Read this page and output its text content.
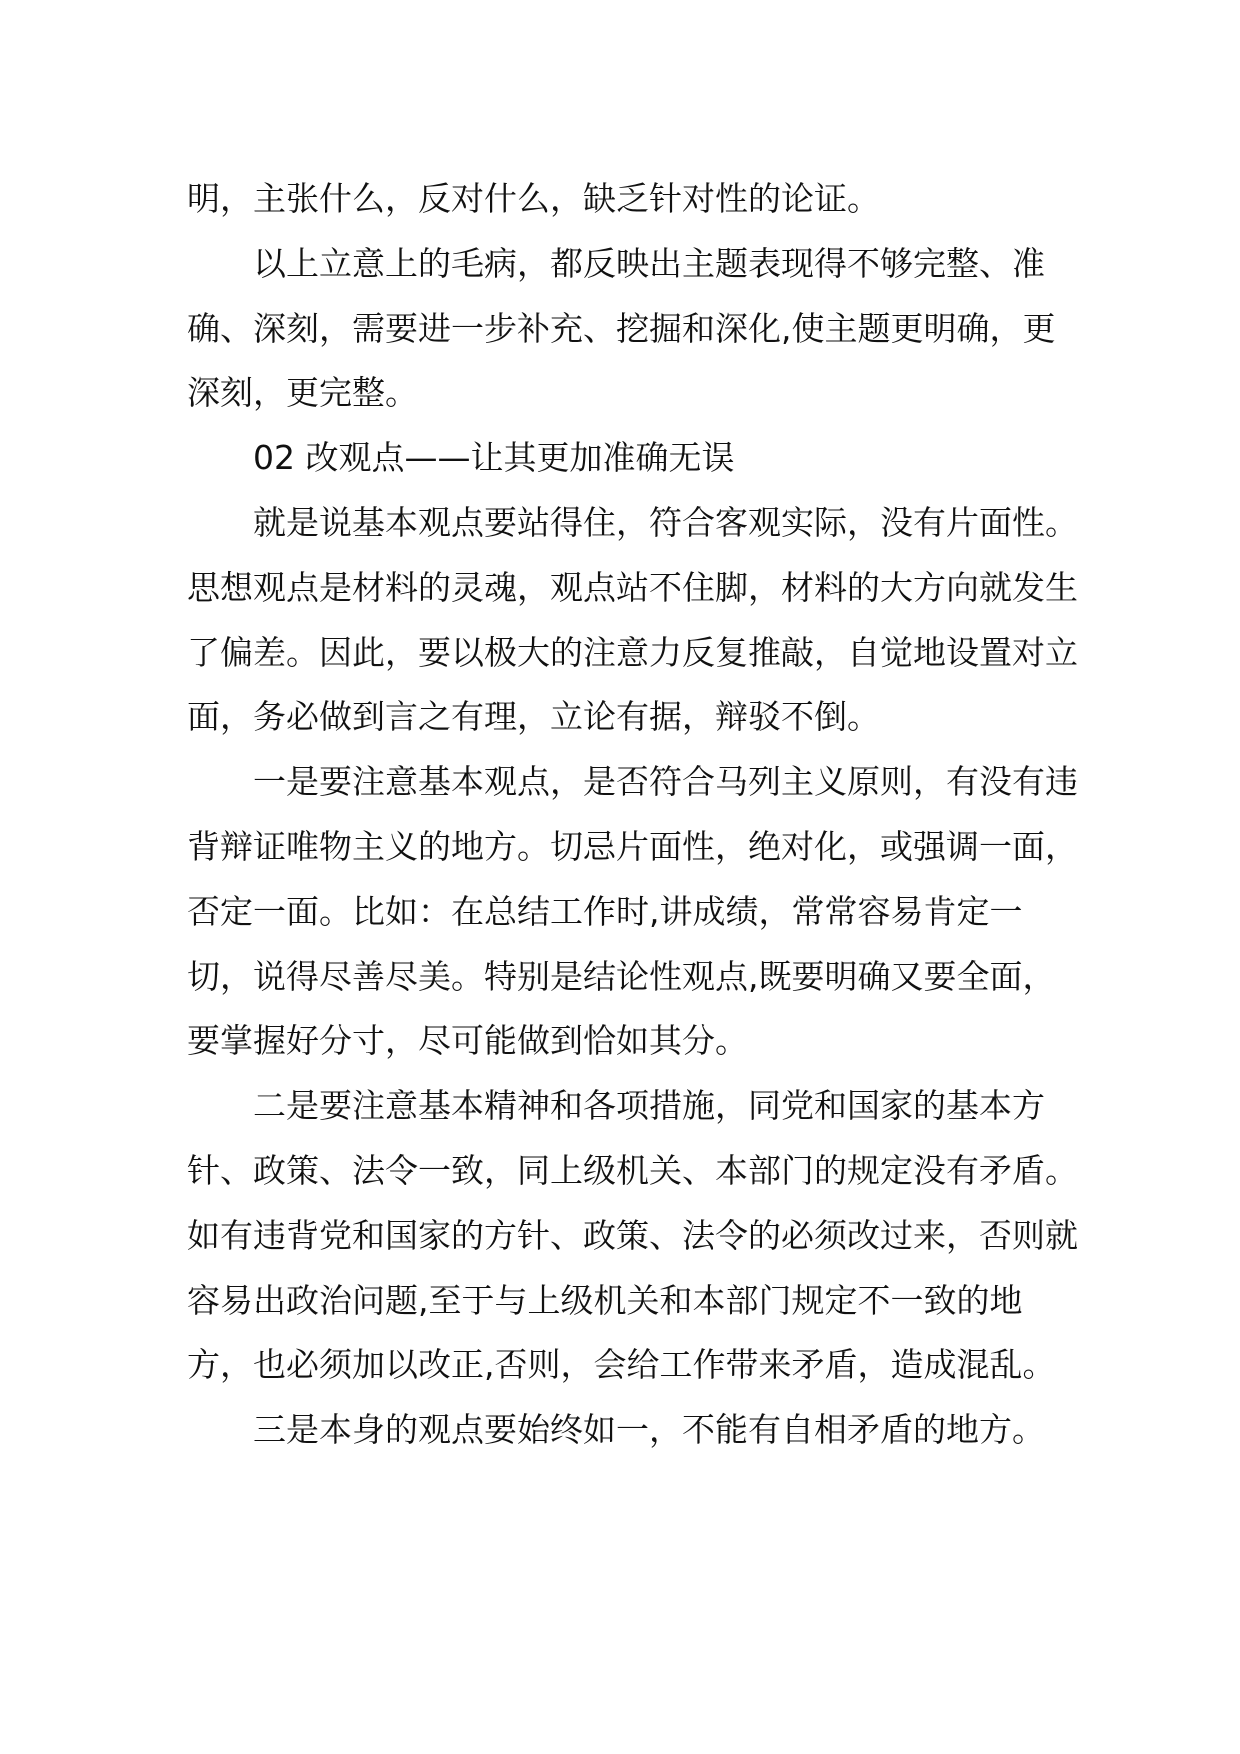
明，主张什么，反对什么，缺乏针对性的论证。

以上立意上的毛病，都反映出主题表现得不够完整、准确、深刻，需要进一步补充、挖掘和深化,使主题更明确，更深刻，更完整。

02 改观点——让其更加准确无误

就是说基本观点要站得住，符合客观实际，没有片面性。思想观点是材料的灵魂，观点站不住脚，材料的大方向就发生了偏差。因此，要以极大的注意力反复推敲，自觉地设置对立面，务必做到言之有理，立论有据，辩驳不倒。

一是要注意基本观点，是否符合马列主义原则，有没有违背辩证唯物主义的地方。切忌片面性，绝对化，或强调一面，否定一面。比如：在总结工作时,讲成绩，常常容易肯定一切，说得尽善尽美。特别是结论性观点,既要明确又要全面，要掌握好分寸，尽可能做到恰如其分。

二是要注意基本精神和各项措施，同党和国家的基本方针、政策、法令一致，同上级机关、本部门的规定没有矛盾。如有违背党和国家的方针、政策、法令的必须改过来，否则就容易出政治问题,至于与上级机关和本部门规定不一致的地方，也必须加以改正,否则，会给工作带来矛盾，造成混乱。

三是本身的观点要始终如一，不能有自相矛盾的地方。
